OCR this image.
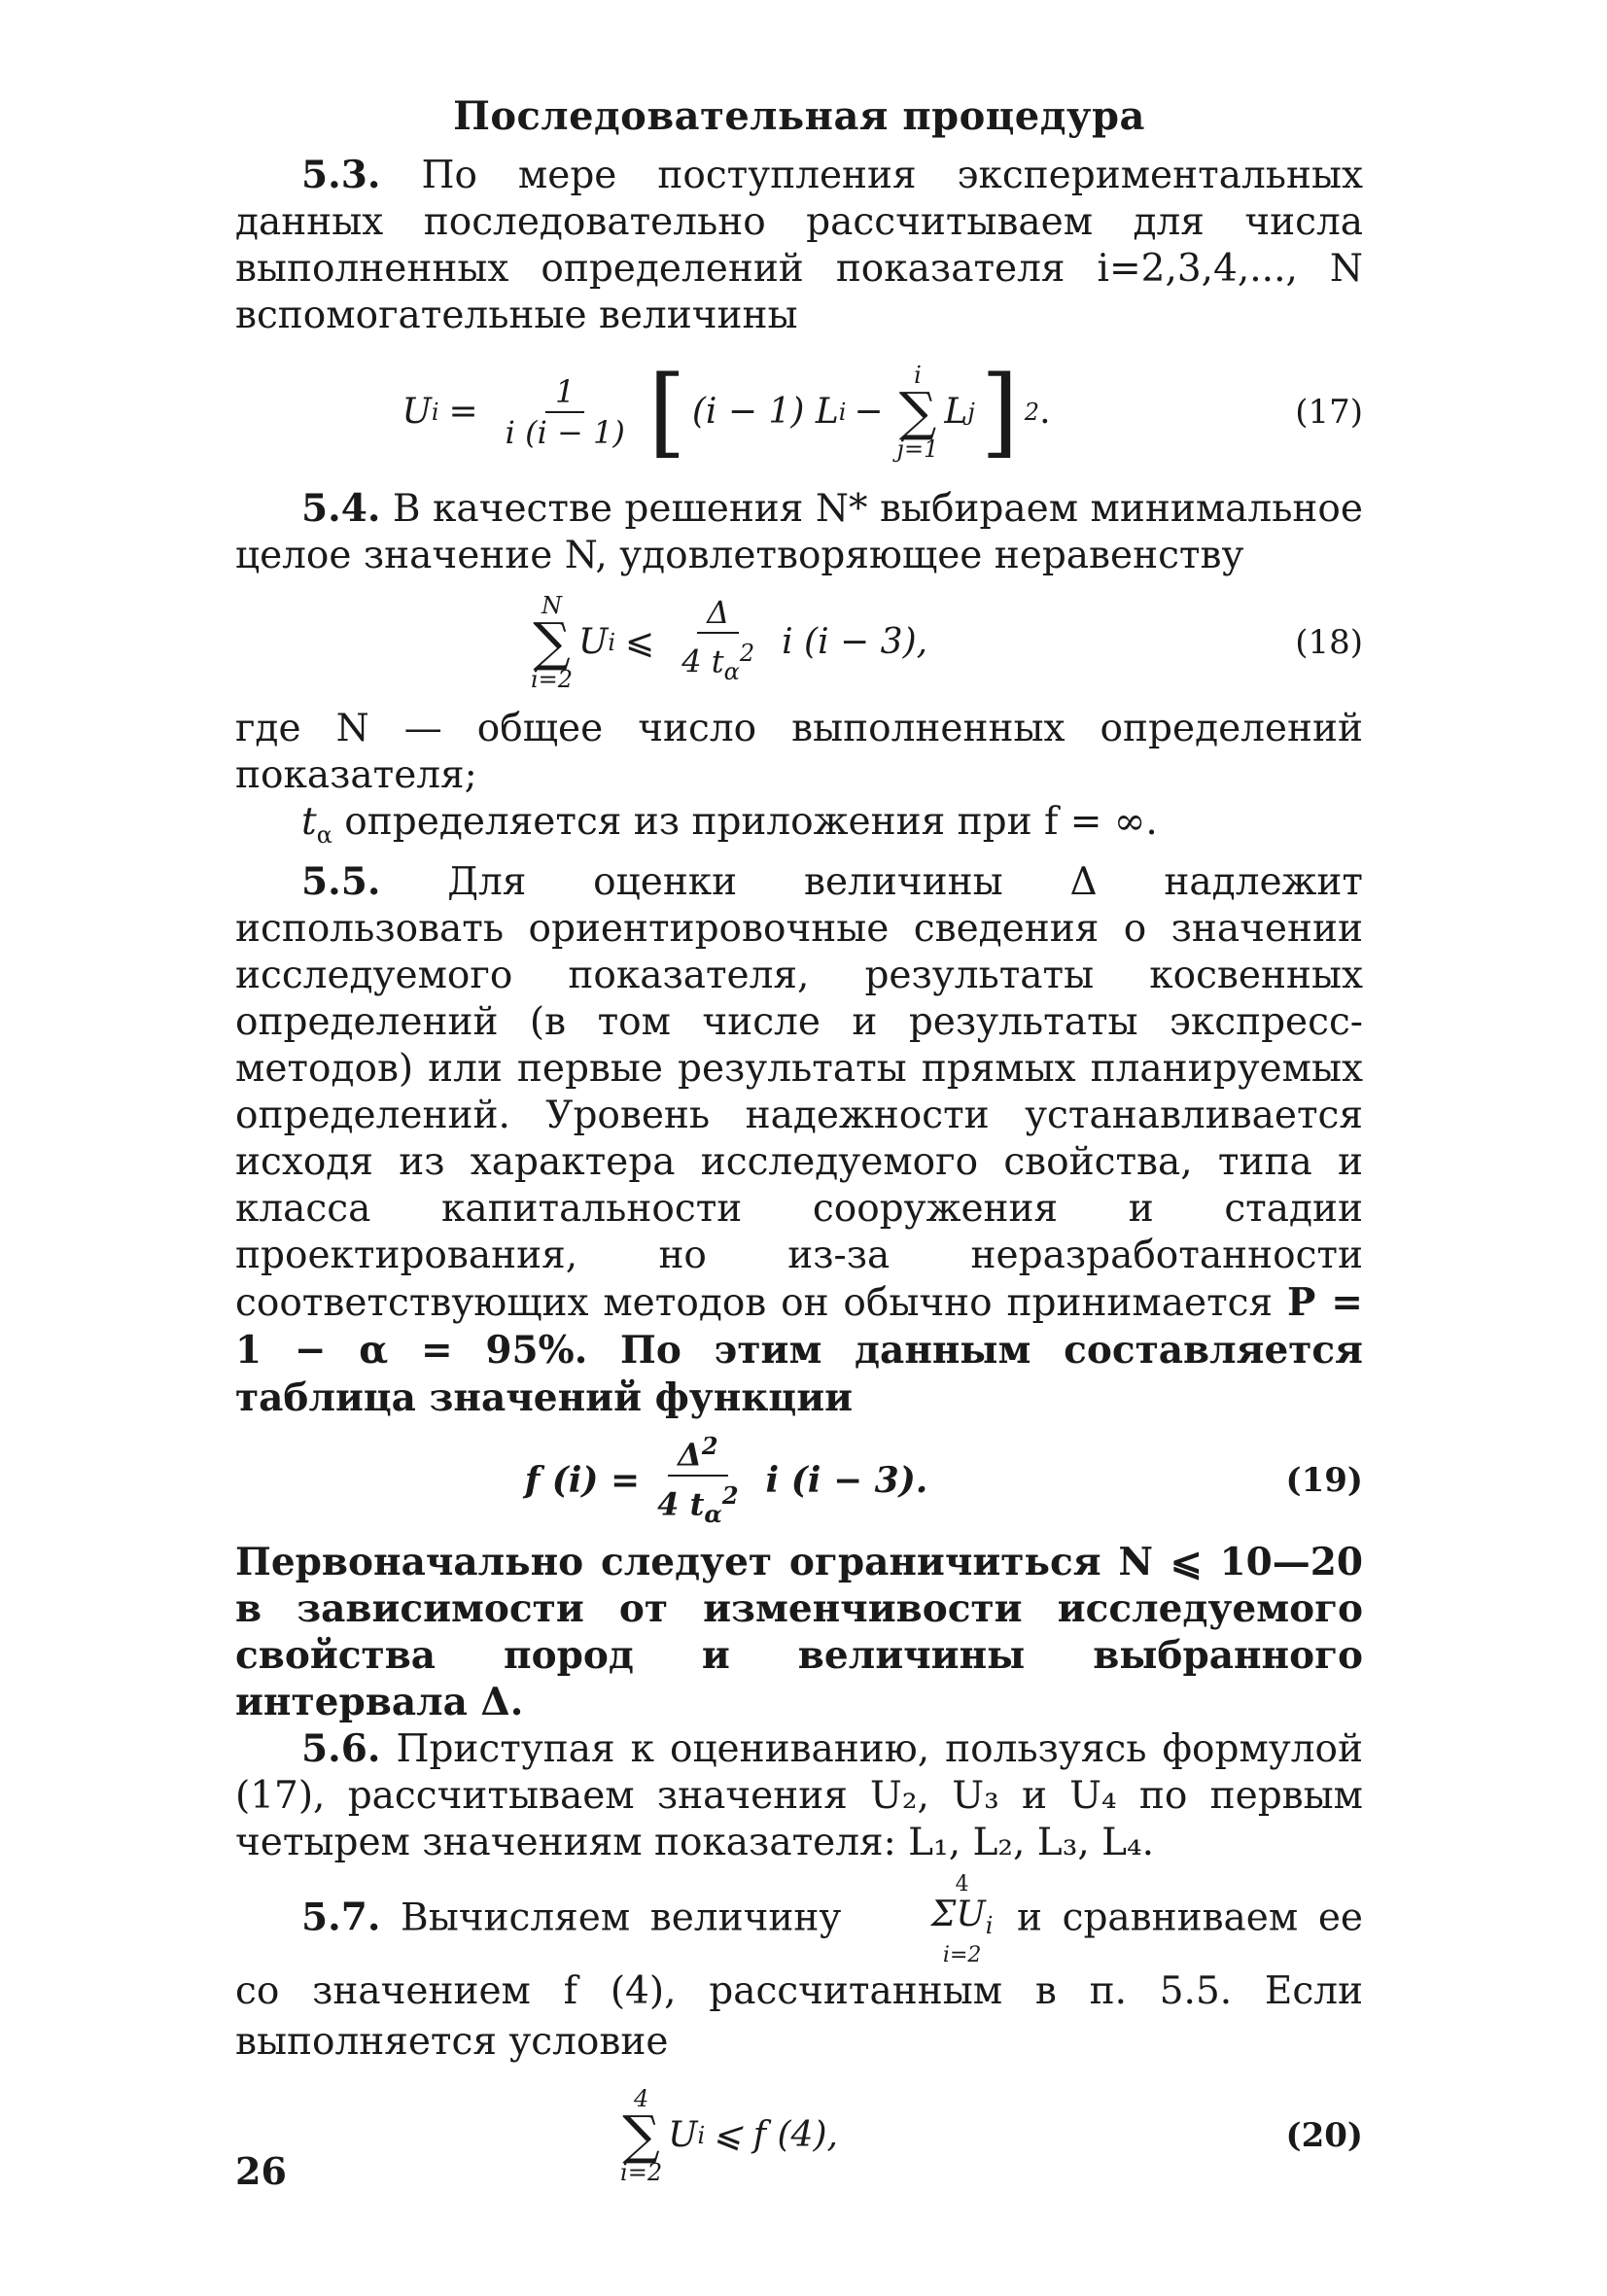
Последовательная процедура

5.3. По мере поступления экспериментальных данных последовательно рассчитываем для числа выполненных определений показателя i=2,3,4,..., N вспомогательные величины

U $i = \frac{1}{i (i - 1)}$ [ (i − 1) L i −
i
∑
j=1
L j ] 2 .	(17)

5.4. В качестве решения N* выбираем минимальное целое значение N, удовлетворяющее неравенству

N
∑
i=2
U i ⩽ $\frac{\Delta}{4 t_\alpha^2}$ i (i − 3),	(18)

где N — общее число выполненных определений показателя;

$t_\alpha$ определяется из приложения при f = ∞.

5.5. Для оценки величины Δ надлежит использовать ориентировочные сведения о значении исследуемого показателя, результаты косвенных определений (в том числе и результаты экспресс-методов) или первые результаты прямых планируемых определений. Уровень надежности устанавливается исходя из характера исследуемого свойства, типа и класса капитальности сооружения и стадии проектирования, но из-за неразработанности соответствующих методов он обычно принимается P = 1 − α = 95%. По этим данным составляется таблица значений функции

f $(i) = \frac{\Delta^2}{4 t_\alpha^2}$ i (i − 3).	(19)

Первоначально следует ограничиться N ⩽ 10—20 в зависимости от изменчивости исследуемого свойства пород и величины выбранного интервала Δ.

5.6. Приступая к оцениванию, пользуясь формулой (17), рассчитываем значения U₂, U₃ и U₄ по первым четырем значениям показателя: L₁, L₂, L₃, L₄.

5.7. Вычисляем величину
4
$\Sigma U_i$
i=2
и сравниваем ее со значением f (4), рассчитанным в п. 5.5. Если выполняется условие

4
∑
i=2
U i ⩽ f (4),	(20)
26
